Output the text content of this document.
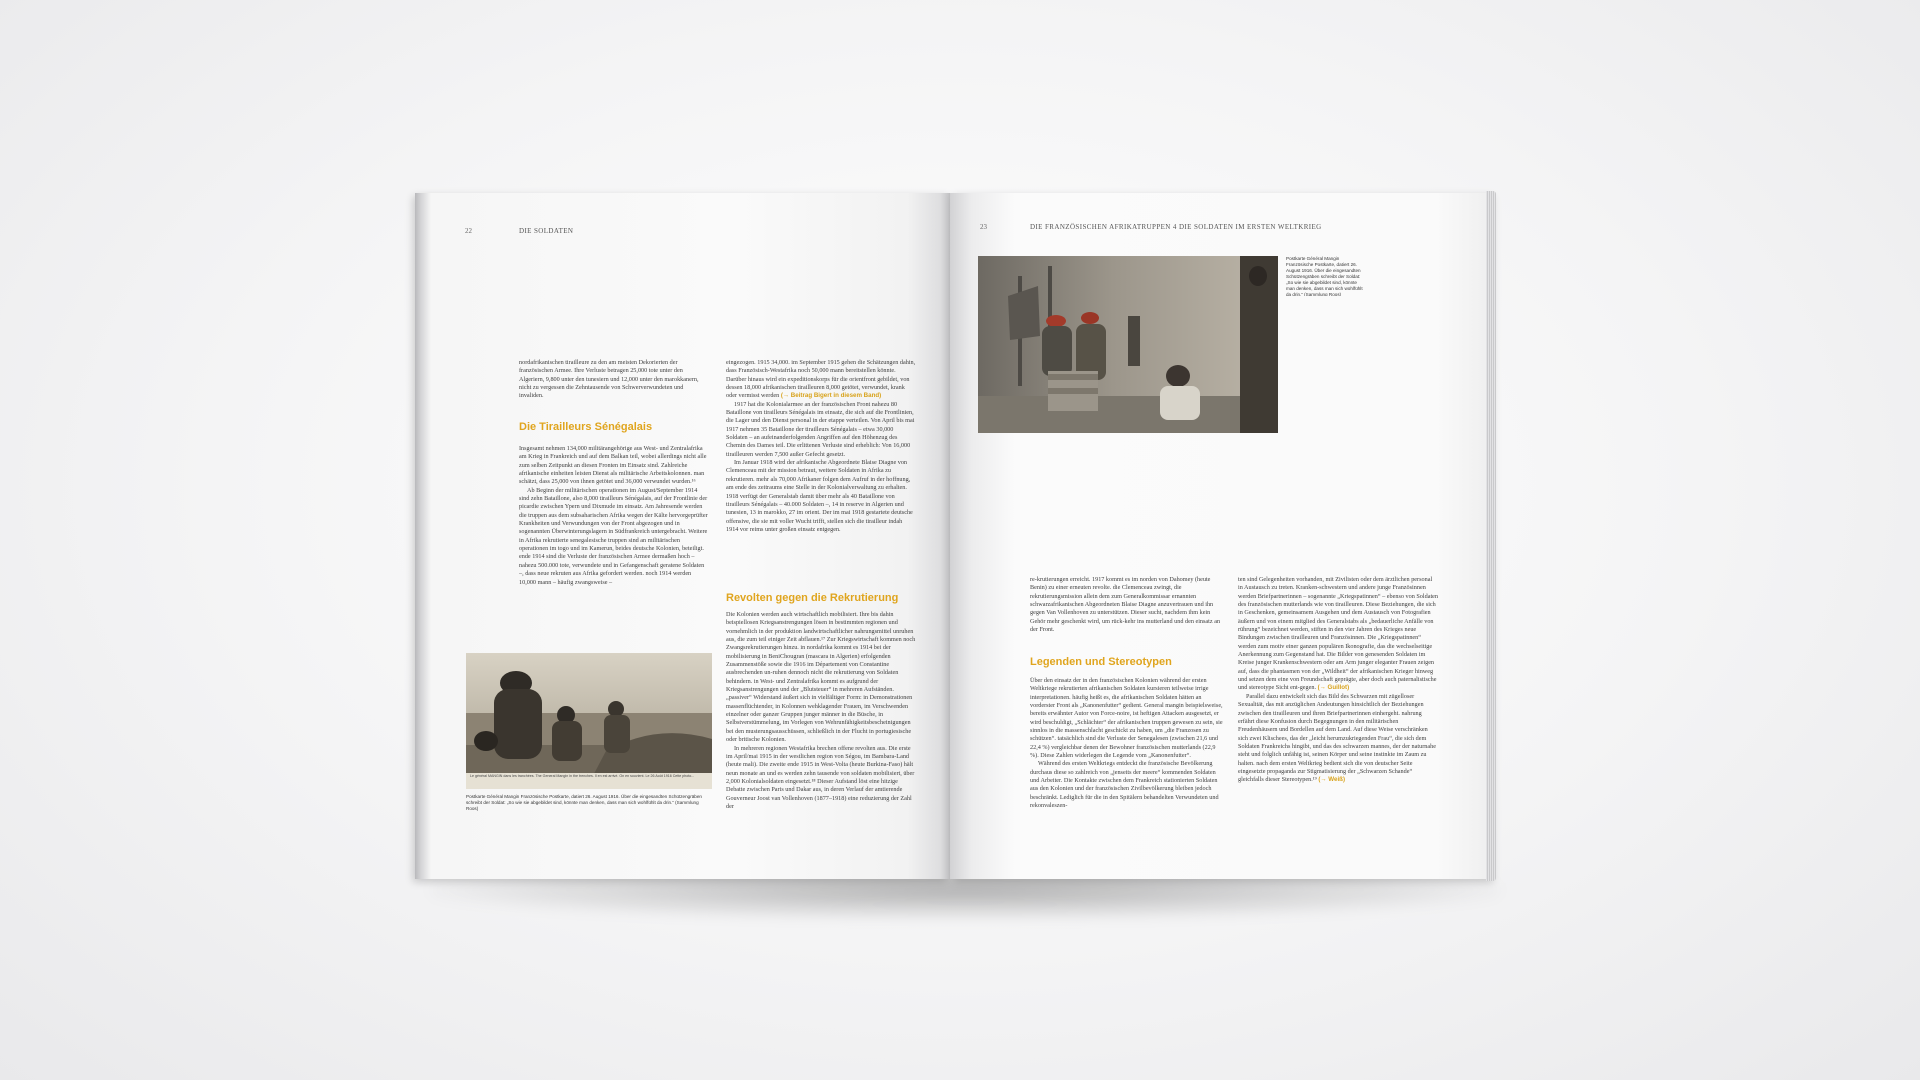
22	DIE SOLDATEN

nordafrikanischen tirailleure zu den am meisten Dekorierten der französischen Armee. Ihre Verluste betragen 25,000 tote unter den Algeriern, 9,800 unter den tunesiern und 12,000 unter den marokkanern, nicht zu vergessen die Zehntausende von Schwerverwundeten und invaliden.

Die Tirailleurs Sénégalais

Insgesamt nehmen 134,000 militärangehörige aus West- und Zentralafrika am Krieg in Frankreich und auf dem Balkan teil, wobei allerdings nicht alle zum selben Zeitpunkt an diesen Fronten im Einsatz sind. Zahlreiche afrikanische einheiten leisten Dienst als militärische Arbeitskolonnen. man schätzt, dass 25,000 von ihnen getötet und 36,000 verwundet wurden.¹⁶

Ab Beginn der militärischen operationen im August/September 1914 sind zehn Bataillone, also 8,000 tirailleurs Sénégalais, auf der Frontlinie der picardie zwischen Ypern und Dixmude im einsatz. Am Jahresende werden die truppen aus dem subsaharischen Afrika wegen der Kälte hervorgeprüfter Krankheiten und Verwundungen von der Front abgezogen und in sogenannten Überwinterungslagern in Südfrankreich untergebracht. Weitere in Afrika rekrutierte senegalesische truppen sind an militärischen operationen im togo und im Kamerun, beides deutsche Kolonien, beteiligt. ende 1914 sind die Verluste der französischen Armee dermaßen hoch – nahezu 500.000 tote, verwundete und in Gefangenschaft geratene Soldaten –, dass neue rekruten aus Afrika gefordert werden. noch 1914 werden 10,000 mann – häufig zwangsweise –

eingezogen. 1915 34,000. im September 1915 gehen die Schätzungen dahin, dass Französisch-Westafrika noch 50,000 mann bereitstellen könnte. Darüber hinaus wird ein expeditionskorps für die orientfront gebildet, von dessen 18,000 afrikanischen tirailleuren 8,000 getötet, verwundet, krank oder vermisst werden (→ Beitrag Bigert in diesem Band)

1917 hat die Kolonialarmee an der französischen Front nahezu 80 Bataillone von tirailleurs Sénégalais im einsatz, die sich auf die Frontlinien, die Lager und den Dienst personal in der etappe verteilen. Von April bis mai 1917 nehmen 35 Bataillone der tirailleurs Sénégalais – etwa 30,000 Soldaten – an aufeinanderfolgenden Angriffen auf den Höhenzug des Chemin des Dames teil. Die erlittenen Verluste sind erheblich: Von 16,000 tirailleuren werden 7,500 außer Gefecht gesetzt.

Im Januar 1918 wird der afrikanische Abgeordnete Blaise Diagne von Clemenceau mit der mission betraut, weitere Soldaten in Afrika zu rekrutieren. mehr als 70,000 Afrikaner folgen dem Aufruf in der hoffnung, am ende des zeitraums eine Stelle in der Kolonialverwaltung zu erhalten. 1918 verfügt der Generalstab damit über mehr als 40 Bataillone von tirailleurs Sénégalais – 40.000 Soldaten –, 14 in reserve in Algerien und tunesien, 13 in marokko, 27 im orient. Der im mai 1918 gestartete deutsche offensive, die sie mit voller Wucht trifft, stellen sich die tirailleur indah 1914 vor reims unter großen einsatz entgegen.

Revolten gegen die Rekrutierung

Die Kolonien werden auch wirtschaftlich mobilisiert. Ihre bis dahin beispiellosen Kriegsanstrengungen lösen in bestimmten regionen und vornehmlich in der produktion landwirtschaftlicher nahrungsmittel unruhen aus, die zum teil einiger Zeit abflauen.¹⁷ Zur Kriegswirtschaft kommen noch Zwangsrekrutierungen hinzu. in nordafrika kommt es 1914 bei der mobilisierung in BeniChougran (mascara in Algerien) erfolgenden Zusammenstöße sowie die 1916 im Département von Constantine ausbrechenden un-ruhen dennoch nicht die rekrutierung von Soldaten behindern. in West- und Zentralafrika kommt es aufgrund der Kriegsanstrengungen und der „Blutsteuer“ in mehreren Aufständen. „passiver“ Widerstand äußert sich in vielfältiger Form: in Demonstrationen massenflüchtender, in Kolonnen wehklagender Frauen, im Verschwenden einzelner oder ganzer Gruppen junger männer in die Büsche, in Selbstverstümmelung, im Vorlegen von Wehrunfähigkeitsbescheinigungen bei den musterungsausschüssen, schließlich in der Flucht in portugiesische oder britische Kolonien.

In mehreren regionen Westafrika brechen offene revolten aus. Die erste im April/mai 1915 in der westlichen region von Ségou, im Bambara-Land (heute mali). Die zweite ende 1915 in West-Volta (heute Burkina-Faso) hält neun monate an und es werden zehn tausende von soldaten mobilisiert, über 2,000 Kolonialsoldaten eingesetzt.¹⁸ Dieser Aufstand löst eine hitzige Debatte zwischen Paris und Dakar aus, in deren Verlauf der amtierende Gouverneur Joost van Vollenhoven (1877–1918) eine reduzierung der Zahl der

Le général MANGIN dans les tranchées. The General Mangin in the trenches. Il en est arrivé. On en souvient. Le 26 Août 1916 Cette photo...
Postkarte Général Mangin Französische Postkarte, datiert 26. August 1916. Über die eingesandten Schützengräben schreibt der Soldat: „So wie sie abgebildet sind, könnte man denken, dass man sich wohlfühlt da drin.“ (Sammlung Roos)
23	DIE FRANZÖSISCHEN AFRIKATRUPPEN 4 DIE SOLDATEN IM ERSTEN WELTKRIEG
Postkarte Général Mangin Französische Postkarte, datiert 26. August 1916. Über die eingesandten Schützengräben schreibt der Soldat: „So wie sie abgebildet sind, könnte man denken, dass man sich wohlfühlt da drin.“ (Sammlung Roos)

re-krutierungen erreicht. 1917 kommt es im norden von Dahomey (heute Benin) zu einer erneuten revolte. die Clemenceau zwingt, die rekrutierungsmission allein dem zum Generalkommissar ernannten schwarzafrikanischen Abgeordneten Blaise Diagne anzuvertrauen und ihn gegen Van Vollenhoven zu unterstützen. Dieser sucht, nachdem ihm kein Gehör mehr geschenkt wird, um rück-kehr ins mutterland und den einsatz an der Front.

Legenden und Stereotypen

Über den einsatz der in den französischen Kolonien während der ersten Weltkriege rekrutierten afrikanischen Soldaten kursieren teilweise irrige interpretationen. häufig heißt es, die afrikanischen Soldaten hätten an vorderster Front als „Kanonenfutter“ gedient. General mangin beispielsweise, bereits erwähnter Autor von Force-noire, ist heftigen Attacken ausgesetzt, er wird beschuldigt, „Schlächter“ der afrikanischen truppen gewesen zu sein, sie sinnlos in die massenschlacht geschickt zu haben, um „die Franzosen zu schützen“. tatsächlich sind die Verluste der Senegalesen (zwischen 21,6 und 22,4 %) vergleichbar denen der Bewohner französischen mutterlands (22,9 %). Diese Zahlen widerlegen die Legende vom „Kanonenfutter“.

Während des ersten Weltkriegs entdeckt die französische Bevölkerung durchaus diese so zahlreich von „jenseits der meere“ kommenden Soldaten und Arbeiter. Die Kontakte zwischen dem Frankreich stationierten Soldaten aus den Kolonien und der französischen Zivilbevölkerung bleiben jedoch beschränkt. Lediglich für die in den Spitälern behandelten Verwundeten und rekonvaleszen-

ten sind Gelegenheiten vorhanden, mit Zivilisten oder dem ärztlichen personal in Austausch zu treten. Kranken-schwestern und andere junge Französinnen werden Briefpartnerinnen – sogenannte „Kriegspatinnen“ – ebenso von Soldaten des französischen mutterlands wie von tirailleuren. Diese Beziehungen, die sich in Geschenken, gemeinsamem Ausgehen und dem Austausch von Fotografien äußern und von einem mitglied des Generalstabs als „bedauerliche Anfälle von rührung“ bezeichnet werden, stiften in den vier Jahren des Krieges neue Bindungen zwischen tirailleuren und Französinnen. Die „Kriegspatinnen“ werden zum motiv einer ganzen populären Ikonografie, das die wechselseitige Anerkennung zum Gegenstand hat. Die Bilder von genesenden Soldaten im Kreise junger Krankenschwestern oder am Arm junger eleganter Frauen zeigen auf, dass die phantasmen von der „Wildheit“ der afrikanischen Krieger hinweg und setzen dem eine von Freundschaft geprägte, aber doch auch paternalistische und stereotype Sicht ent-gegen. (→ Guillot)

Parallel dazu entwickelt sich das Bild des Schwarzen mit zügelloser Sexualität, das mit anzüglichen Andeutungen hinsichtlich der Beziehungen zwischen den tirailleuren und ihren Briefpartnerinnen einhergeht. nahrung erfährt diese Konfusion durch Begegnungen in den militärischen Freudenhäusern und Bordellen auf dem Land. Auf diese Weise verschränken sich zwei Klischees, das der „leicht herumzukriegenden Frau“, die sich dem Soldaten Frankreichs hingibt, und das des schwarzen mannes, der der naturnahe steht und folglich unfähig ist, seinen Körper und seine instinkte im Zaum zu halten. nach dem ersten Weltkrieg bedient sich die von deutscher Seite eingesetzte propaganda zur Stigmatisierung der „Schwarzen Schande“ gleichfalls dieser Stereotypen.¹⁹ (→ Weiß)
